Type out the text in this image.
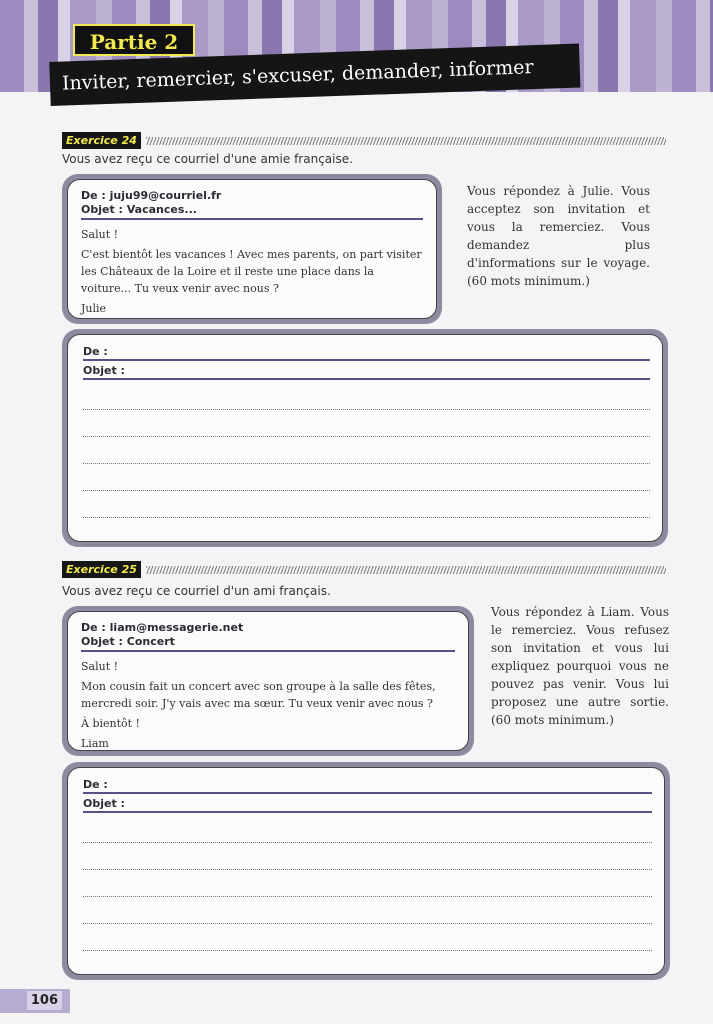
Partie 2
Inviter, remercier, s'excuser, demander, informer
Exercice 24
Vous avez reçu ce courriel d'une amie française.
De : juju99@courriel.fr
Objet : Vacances...

Salut !

C'est bientôt les vacances ! Avec mes parents, on part visiter les Châteaux de la Loire et il reste une place dans la voiture... Tu veux venir avec nous ?

Julie

Vous répondez à Julie. Vous acceptez son invitation et vous la remerciez. Vous demandez plus d'informations sur le voyage. (60 mots minimum.)
De :
Objet :
Exercice 25
Vous avez reçu ce courriel d'un ami français.
De : liam@messagerie.net
Objet : Concert

Salut !

Mon cousin fait un concert avec son groupe à la salle des fêtes, mercredi soir. J'y vais avec ma sœur. Tu veux venir avec nous ?

À bientôt !

Liam

Vous répondez à Liam. Vous le remerciez. Vous refusez son invitation et vous lui expliquez pourquoi vous ne pouvez pas venir. Vous lui proposez une autre sortie. (60 mots minimum.)
De :
Objet :
106
